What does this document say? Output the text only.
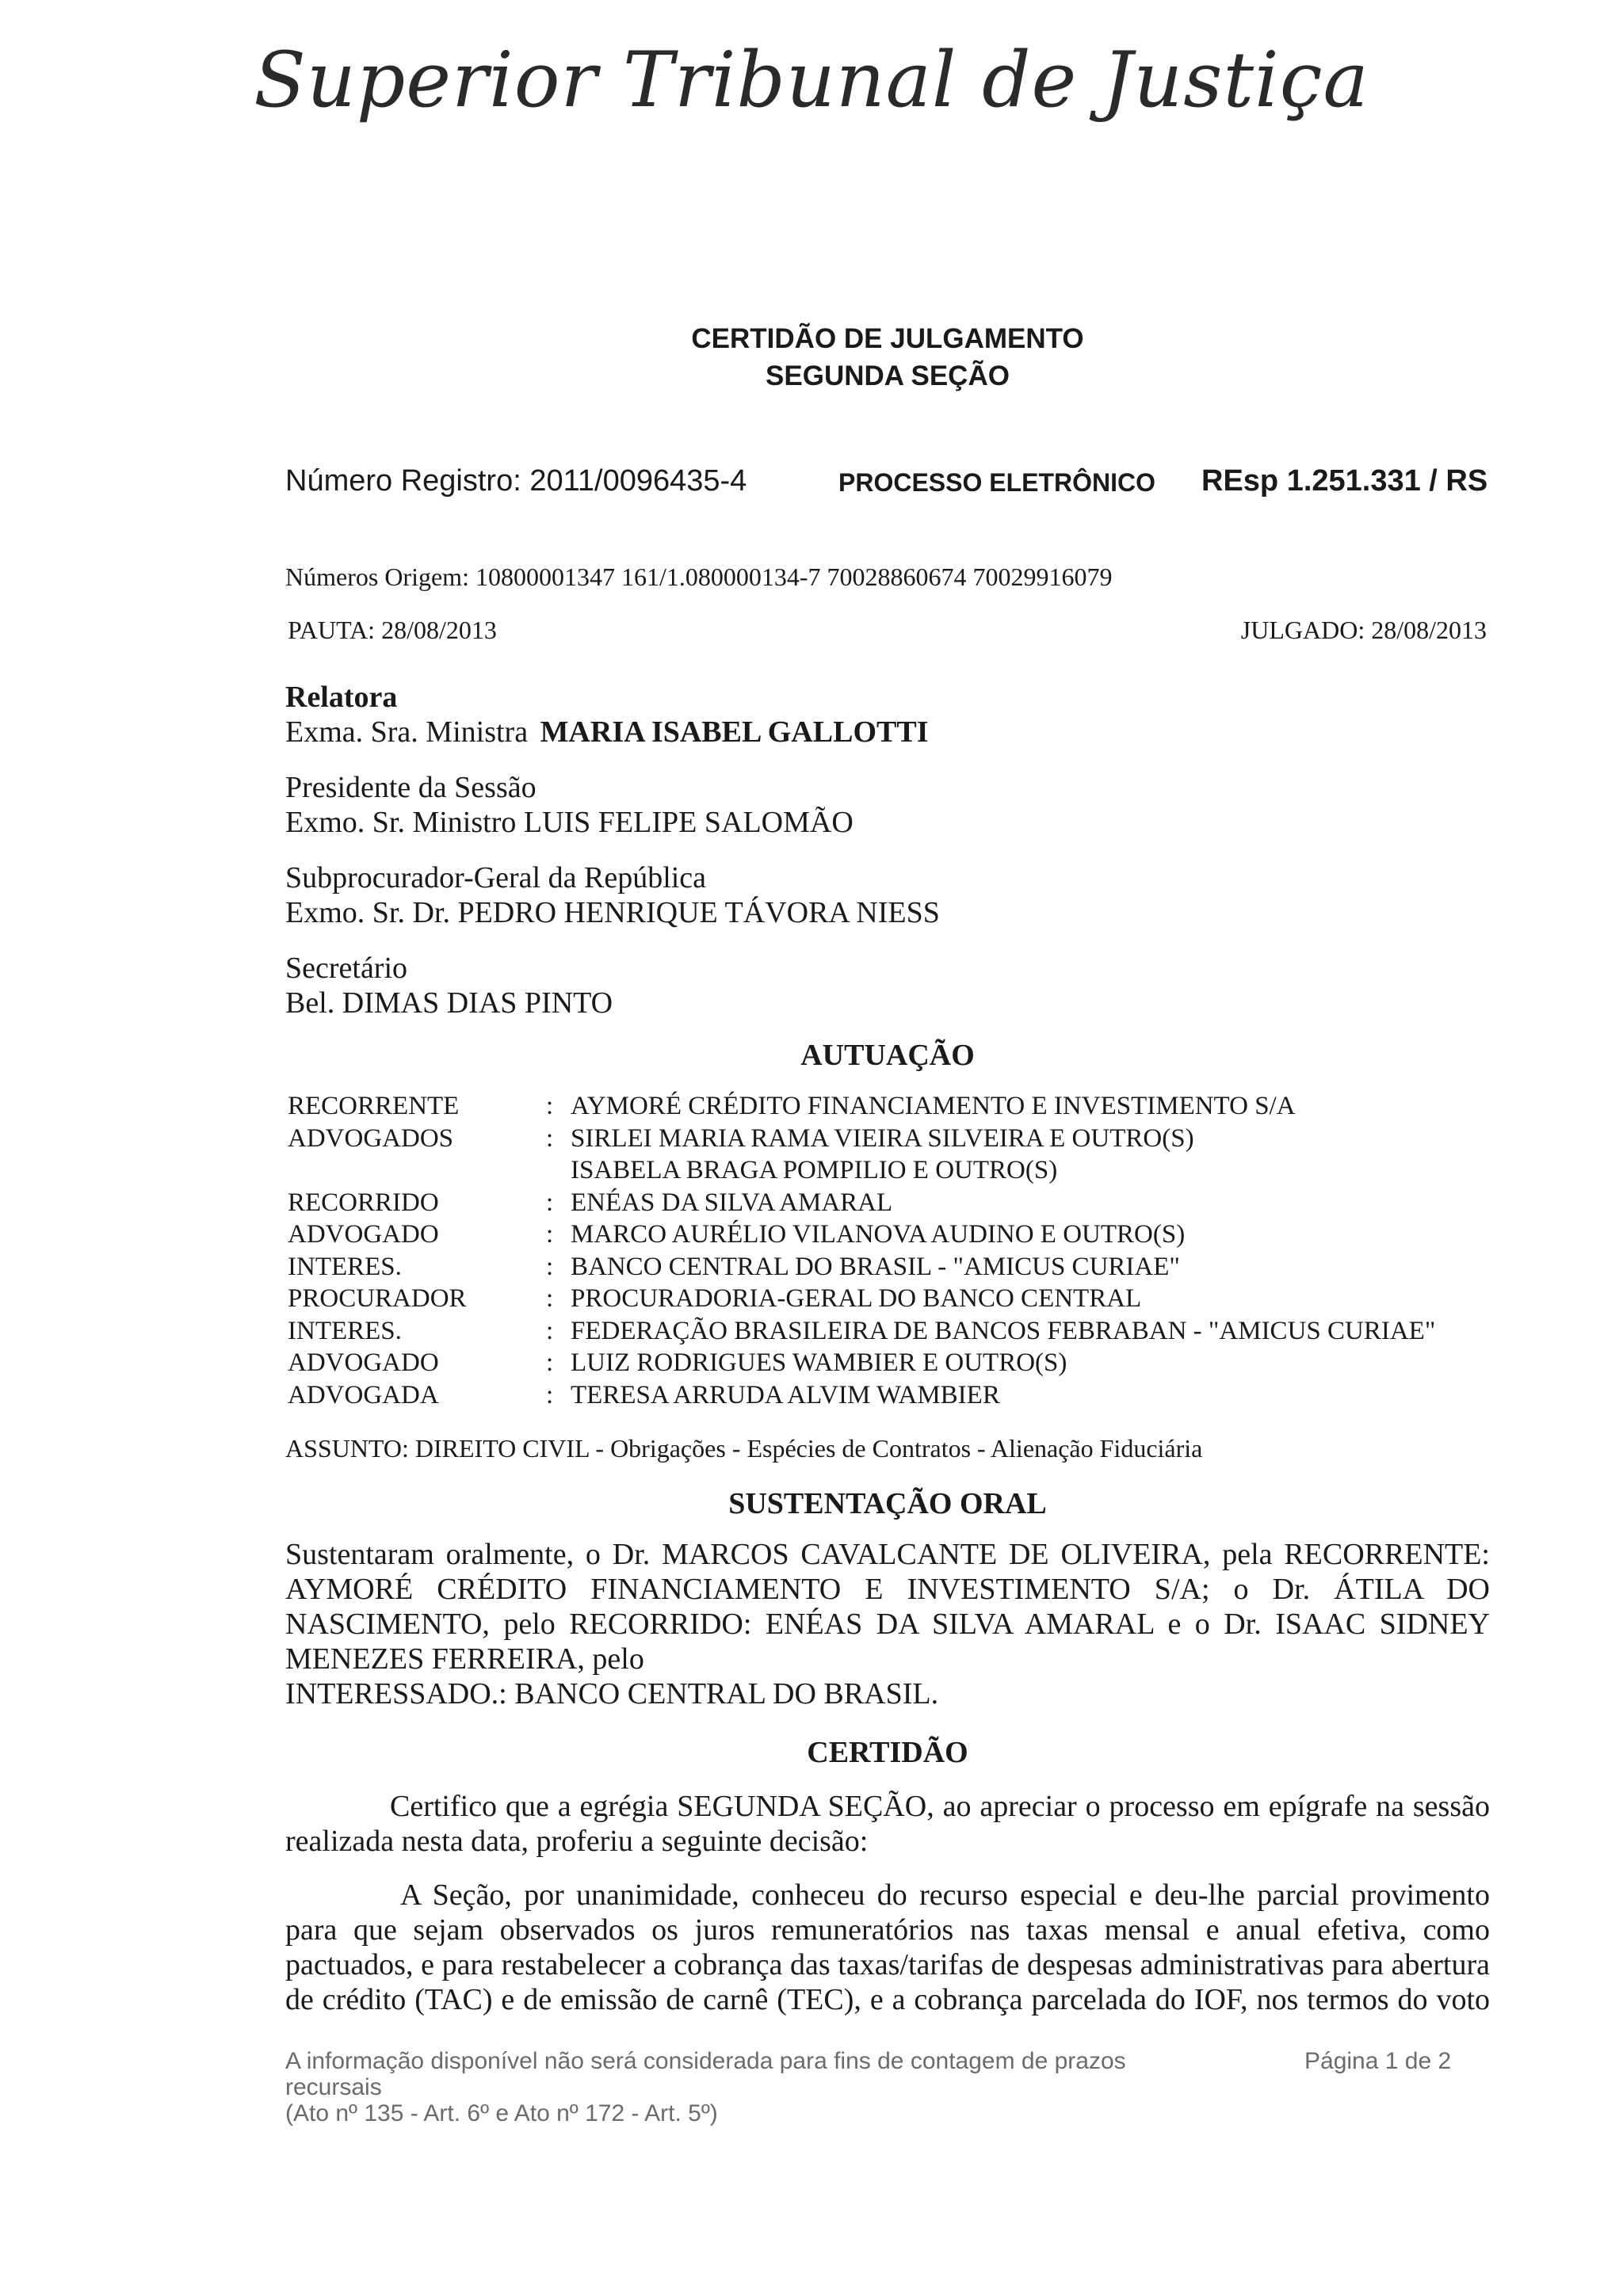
Superior Tribunal de Justiça
CERTIDÃO DE JULGAMENTO
SEGUNDA SEÇÃO
Número Registro: 2011/0096435-4	PROCESSO ELETRÔNICO REsp 1.251.331 / RS
Números Origem: 10800001347 161/1.080000134-7 70028860674 70029916079
PAUTA: 28/08/2013	JULGADO: 28/08/2013
Relatora
Exma. Sra. Ministra MARIA ISABEL GALLOTTI
Presidente da Sessão
Exmo. Sr. Ministro LUIS FELIPE SALOMÃO
Subprocurador-Geral da República
Exmo. Sr. Dr. PEDRO HENRIQUE TÁVORA NIESS
Secretário
Bel. DIMAS DIAS PINTO
AUTUAÇÃO
RECORRENTE	: AYMORÉ CRÉDITO FINANCIAMENTO E INVESTIMENTO S/A
ADVOGADOS	: SIRLEI MARIA RAMA VIEIRA SILVEIRA E OUTRO(S)
ISABELA BRAGA POMPILIO E OUTRO(S)
RECORRIDO	: ENÉAS DA SILVA AMARAL
ADVOGADO	: MARCO AURÉLIO VILANOVA AUDINO E OUTRO(S)
INTERES.	: BANCO CENTRAL DO BRASIL - "AMICUS CURIAE"
PROCURADOR	: PROCURADORIA-GERAL DO BANCO CENTRAL
INTERES.	: FEDERAÇÃO BRASILEIRA DE BANCOS FEBRABAN - "AMICUS CURIAE"
ADVOGADO	: LUIZ RODRIGUES WAMBIER E OUTRO(S)
ADVOGADA	: TERESA ARRUDA ALVIM WAMBIER
ASSUNTO: DIREITO CIVIL - Obrigações - Espécies de Contratos - Alienação Fiduciária
SUSTENTAÇÃO ORAL
Sustentaram oralmente, o Dr. MARCOS CAVALCANTE DE OLIVEIRA, pela RECORRENTE:
AYMORÉ CRÉDITO FINANCIAMENTO E INVESTIMENTO S/A; o Dr. ÁTILA DO
NASCIMENTO, pelo RECORRIDO: ENÉAS DA SILVA AMARAL e o Dr. ISAAC SIDNEY
MENEZES FERREIRA, pelo
INTERESSADO.: BANCO CENTRAL DO BRASIL.
CERTIDÃO
Certifico que a egrégia SEGUNDA SEÇÃO, ao apreciar o processo em epígrafe na sessão
realizada nesta data, proferiu a seguinte decisão:
A Seção, por unanimidade, conheceu do recurso especial e deu-lhe parcial provimento
para que sejam observados os juros remuneratórios nas taxas mensal e anual efetiva, como
pactuados, e para restabelecer a cobrança das taxas/tarifas de despesas administrativas para abertura
de crédito (TAC) e de emissão de carnê (TEC), e a cobrança parcelada do IOF, nos termos do voto
A informação disponível não será considerada para fins de contagem de prazos
recursais
(Ato nº 135 - Art. 6º e Ato nº 172 - Art. 5º)
Página 1 de 2
